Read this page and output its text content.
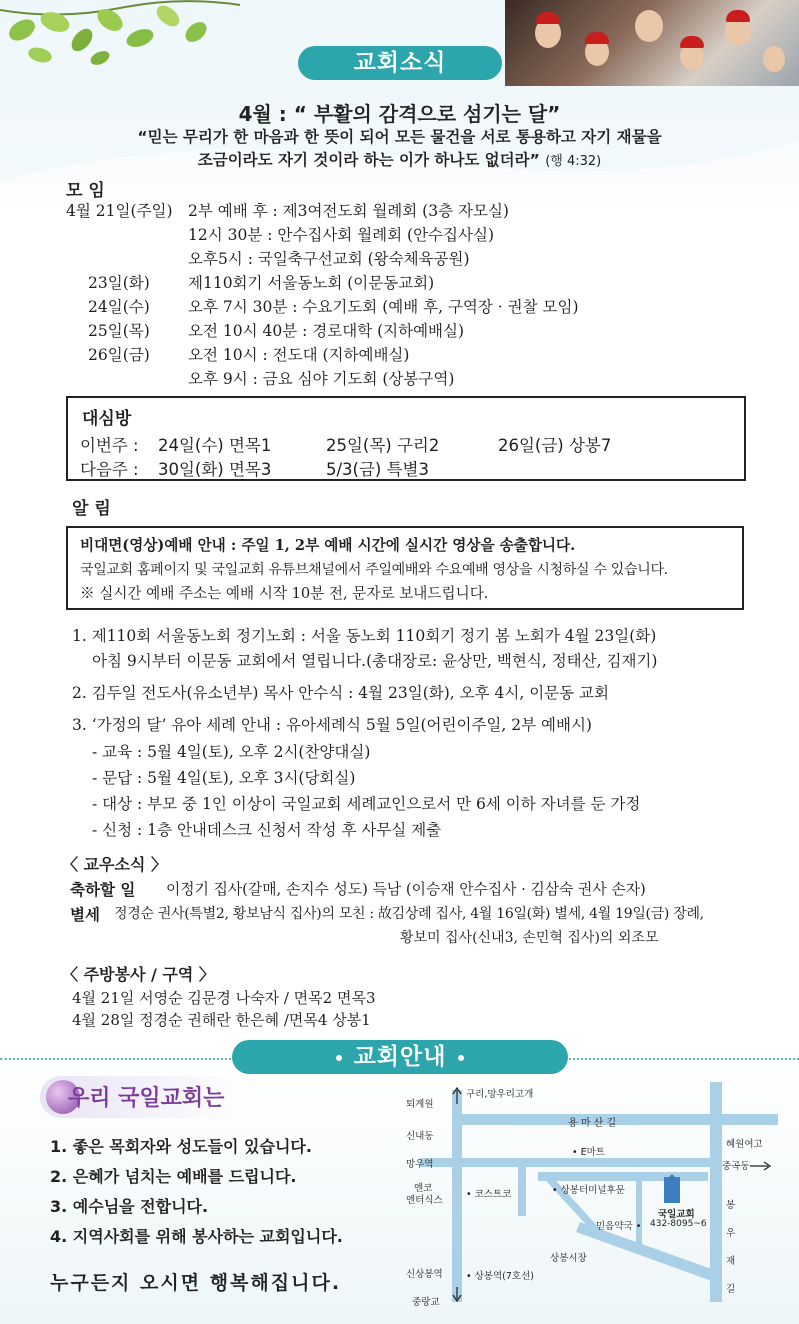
교회소식
4월 : “ 부활의 감격으로 섬기는 달”
“믿는 무리가 한 마음과 한 뜻이 되어 모든 물건을 서로 통용하고 자기 재물을
조금이라도 자기 것이라 하는 이가 하나도 없더라” (행 4:32)
모 임
4월 21일(주일) 2부 예배 후 : 제3여전도회 월례회 (3층 자모실)
12시 30분 : 안수집사회 월례회 (안수집사실)
오후5시 : 국일축구선교회 (왕숙체육공원)
23일(화) 제110회기 서울동노회 (이문동교회)
24일(수) 오후 7시 30분 : 수요기도회 (예배 후, 구역장 · 권찰 모임)
25일(목) 오전 10시 40분 : 경로대학 (지하예배실)
26일(금) 오전 10시 : 전도대 (지하예배실)
오후 9시 : 금요 심야 기도회 (상봉구역)
대심방
이번주 : 24일(수) 면목1	25일(목) 구리2	26일(금) 상봉7
다음주 : 30일(화) 면목3	5/3(금) 특별3
알 림
비대면(영상)예배 안내 : 주일 1, 2부 예배 시간에 실시간 영상을 송출합니다.
국일교회 홈페이지 및 국일교회 유튜브채널에서 주일예배와 수요예배 영상을 시청하실 수 있습니다.
※ 실시간 예배 주소는 예배 시작 10분 전, 문자로 보내드립니다.
1. 제110회 서울동노회 정기노회 : 서울 동노회 110회기 정기 봄 노회가 4월 23일(화)
아침 9시부터 이문동 교회에서 열립니다.(총대장로: 윤상만, 백현식, 정태산, 김재기)
2. 김두일 전도사(유소년부) 목사 안수식 : 4월 23일(화), 오후 4시, 이문동 교회
3. ‘가정의 달’ 유아 세례 안내 : 유아세례식 5월 5일(어린이주일, 2부 예배시)
- 교육 : 5월 4일(토), 오후 2시(찬양대실)
- 문답 : 5월 4일(토), 오후 3시(당회실)
- 대상 : 부모 중 1인 이상이 국일교회 세례교인으로서 만 6세 이하 자녀를 둔 가정
- 신청 : 1층 안내데스크 신청서 작성 후 사무실 제출
〈 교우소식 〉
축하할 일 이정기 집사(갈매, 손지수 성도) 득남 (이승재 안수집사 · 김삼숙 권사 손자)
별세 정경순 권사(특별2, 황보남식 집사)의 모친 : 故김상례 집사, 4월 16일(화) 별세, 4월 19일(금) 장례,
황보미 집사(신내3, 손민혁 집사)의 외조모
〈 주방봉사 / 구역 〉
4월 21일 서영순 김문경 나숙자 / 면목2 면목3
4월 28일 정경순 권해란 한은혜 /면목4 상봉1
교회안내
우리 국일교회는
1. 좋은 목회자와 성도들이 있습니다.
2. 은혜가 넘치는 예배를 드립니다.
3. 예수님을 전합니다.
4. 지역사회를 위해 봉사하는 교회입니다.
누구든지 오시면 행복해집니다.
퇴계원
구리,망우리고개
용 마 산 길
신내동
혜원여고
• E마트
망우역	중곡동
엔코
엔터식스
• 코스트코	• 상봉터미널후문
국일교회
432-8095~6
믿음약국 •
봉우재길
상봉시장
신상봉역 • 상봉역(7호선)
중랑교
